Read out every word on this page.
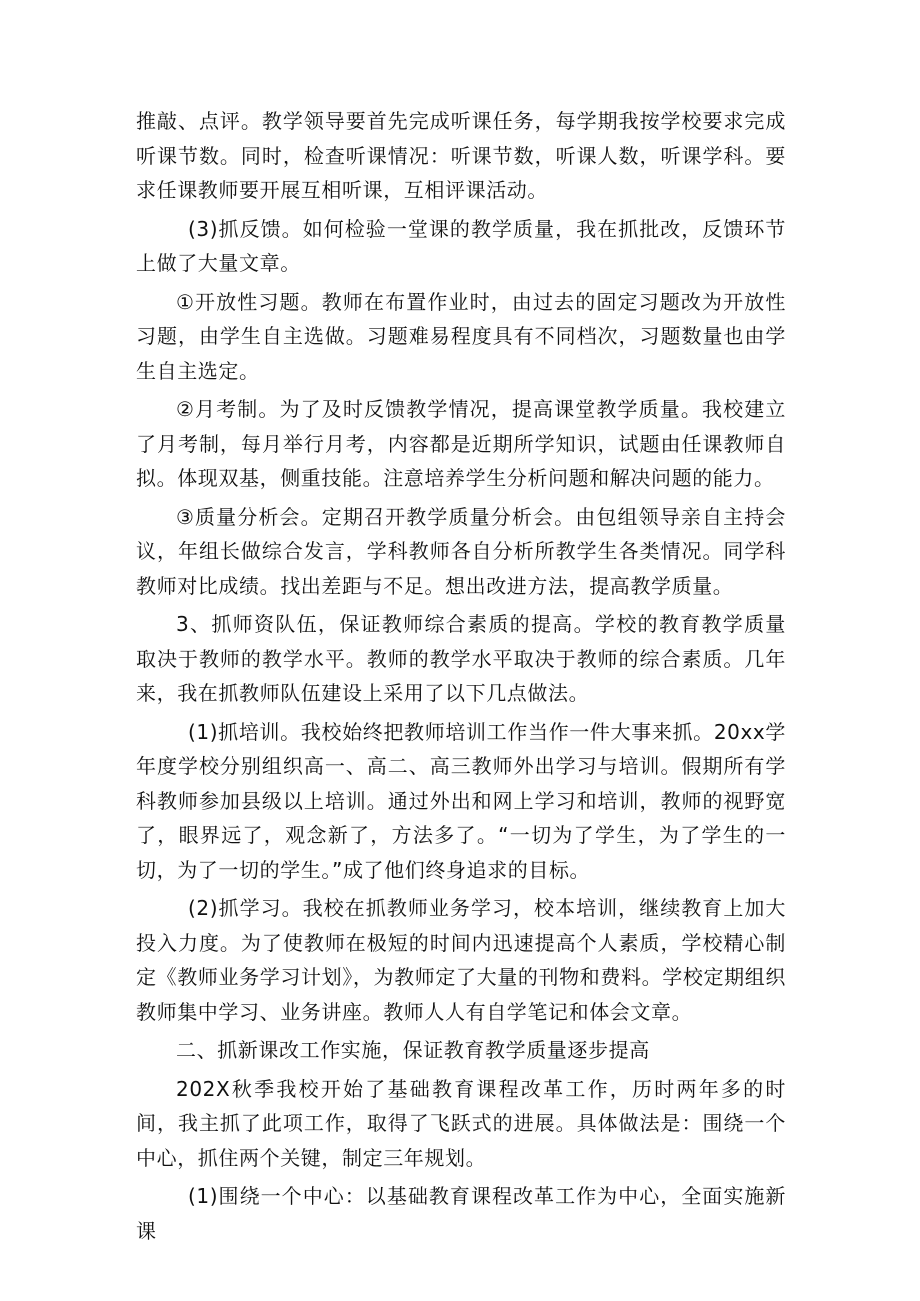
推敲、点评。教学领导要首先完成听课任务，每学期我按学校要求完成听课节数。同时，检查听课情况：听课节数，听课人数，听课学科。要求任课教师要开展互相听课，互相评课活动。

(3)抓反馈。如何检验一堂课的教学质量，我在抓批改，反馈环节上做了大量文章。

①开放性习题。教师在布置作业时，由过去的固定习题改为开放性习题，由学生自主选做。习题难易程度具有不同档次，习题数量也由学生自主选定。

②月考制。为了及时反馈教学情况，提高课堂教学质量。我校建立了月考制，每月举行月考，内容都是近期所学知识，试题由任课教师自拟。体现双基，侧重技能。注意培养学生分析问题和解决问题的能力。

③质量分析会。定期召开教学质量分析会。由包组领导亲自主持会议，年组长做综合发言，学科教师各自分析所教学生各类情况。同学科教师对比成绩。找出差距与不足。想出改进方法，提高教学质量。

3、抓师资队伍，保证教师综合素质的提高。学校的教育教学质量取决于教师的教学水平。教师的教学水平取决于教师的综合素质。几年来，我在抓教师队伍建设上采用了以下几点做法。

(1)抓培训。我校始终把教师培训工作当作一件大事来抓。20xx学年度学校分别组织高一、高二、高三教师外出学习与培训。假期所有学科教师参加县级以上培训。通过外出和网上学习和培训，教师的视野宽了，眼界远了，观念新了，方法多了。“一切为了学生，为了学生的一切，为了一切的学生。”成了他们终身追求的目标。

(2)抓学习。我校在抓教师业务学习，校本培训，继续教育上加大投入力度。为了使教师在极短的时间内迅速提高个人素质，学校精心制定《教师业务学习计划》，为教师定了大量的刊物和费料。学校定期组织教师集中学习、业务讲座。教师人人有自学笔记和体会文章。

二、抓新课改工作实施，保证教育教学质量逐步提高

202X秋季我校开始了基础教育课程改革工作，历时两年多的时间，我主抓了此项工作，取得了飞跃式的进展。具体做法是：围绕一个中心，抓住两个关键，制定三年规划。

(1)围绕一个中心：以基础教育课程改革工作为中心，全面实施新课
